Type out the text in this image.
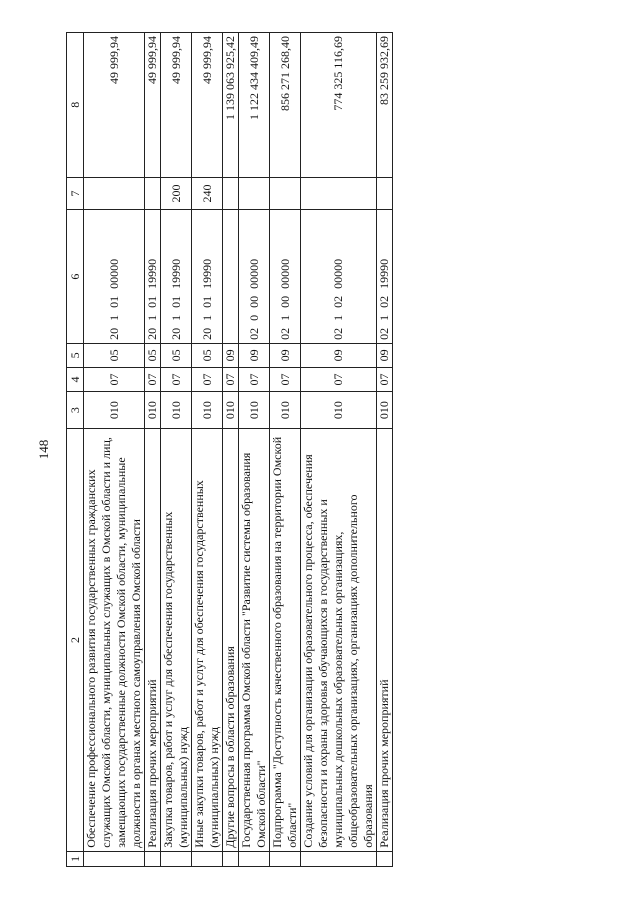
148
1	2	3	4	5	6	7	8
	Обеспечение профессионального развития государственных гражданских служащих Омской области, муниципальных служащих в Омской области и лиц, замещающих государственные должности Омской области, муниципальные должности в органах местного самоуправления Омской области	010	07	05	20 1 01 00000		49 999,94
	Реализация прочих мероприятий	010	07	05	20 1 01 19990		49 999,94
	Закупка товаров, работ и услуг для обеспечения государственных (муниципальных) нужд	010	07	05	20 1 01 19990	200	49 999,94
	Иные закупки товаров, работ и услуг для обеспечения государственных (муниципальных) нужд	010	07	05	20 1 01 19990	240	49 999,94
	Другие вопросы в области образования	010	07	09			1 139 063 925,42
	Государственная программа Омской области "Развитие системы образования Омской области"	010	07	09	02 0 00 00000		1 122 434 409,49
	Подпрограмма "Доступность качественного образования на территории Омской области"	010	07	09	02 1 00 00000		856 271 268,40
	Создание условий для организации образовательного процесса, обеспечения безопасности и охраны здоровья обучающихся в государственных и муниципальных дошкольных образовательных организациях, общеобразовательных организациях, организациях дополнительного образования	010	07	09	02 1 02 00000		774 325 116,69
	Реализация прочих мероприятий	010	07	09	02 1 02 19990		83 259 932,69
